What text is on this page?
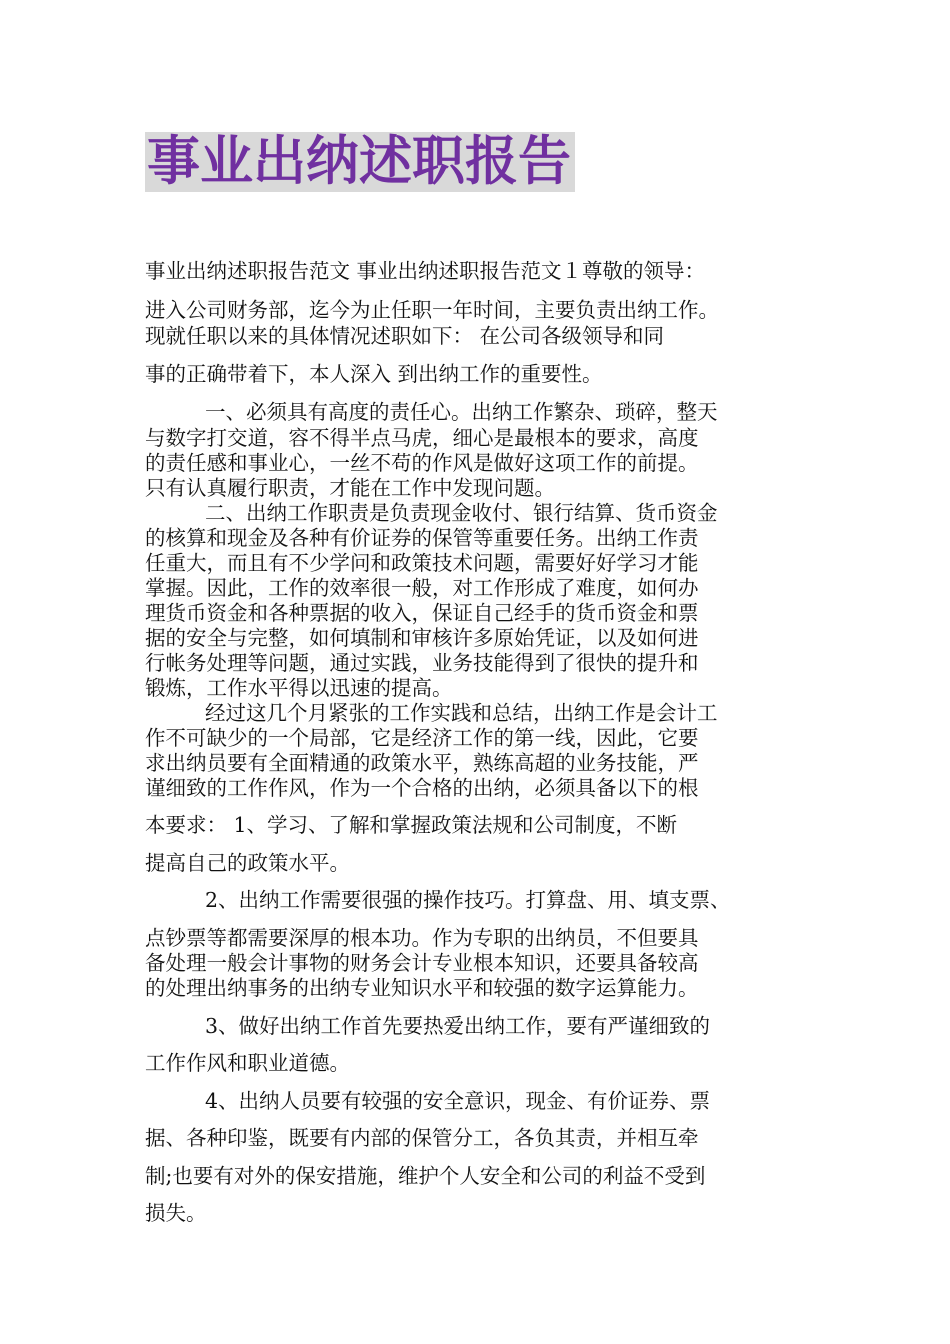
事业出纳述职报告
事业出纳述职报告范文 事业出纳述职报告范文１尊敬的领导：
进入公司财务部，迄今为止任职一年时间，主要负责出纳工作。
现就任职以来的具体情况述职如下： 在公司各级领导和同
事的正确带着下，本人深入 到出纳工作的重要性。
一、必须具有高度的责任心。出纳工作繁杂、琐碎，整天
与数字打交道，容不得半点马虎，细心是最根本的要求，高度
的责任感和事业心，一丝不苟的作风是做好这项工作的前提。
只有认真履行职责，才能在工作中发现问题。
二、出纳工作职责是负责现金收付、银行结算、货币资金
的核算和现金及各种有价证券的保管等重要任务。出纳工作责
任重大，而且有不少学问和政策技术问题，需要好好学习才能
掌握。因此，工作的效率很一般，对工作形成了难度，如何办
理货币资金和各种票据的收入，保证自己经手的货币资金和票
据的安全与完整，如何填制和审核许多原始凭证，以及如何进
行帐务处理等问题，通过实践，业务技能得到了很快的提升和
锻炼，工作水平得以迅速的提高。
经过这几个月紧张的工作实践和总结，出纳工作是会计工
作不可缺少的一个局部，它是经济工作的第一线，因此，它要
求出纳员要有全面精通的政策水平，熟练高超的业务技能，严
谨细致的工作作风，作为一个合格的出纳，必须具备以下的根
本要求： 1、学习、了解和掌握政策法规和公司制度，不断
提高自己的政策水平。
2、出纳工作需要很强的操作技巧。打算盘、用、填支票、
点钞票等都需要深厚的根本功。作为专职的出纳员，不但要具
备处理一般会计事物的财务会计专业根本知识，还要具备较高
的处理出纳事务的出纳专业知识水平和较强的数字运算能力。
3、做好出纳工作首先要热爱出纳工作，要有严谨细致的
工作作风和职业道德。
4、出纳人员要有较强的安全意识，现金、有价证券、票
据、各种印鉴，既要有内部的保管分工，各负其责，并相互牵
制;也要有对外的保安措施，维护个人安全和公司的利益不受到
损失。
